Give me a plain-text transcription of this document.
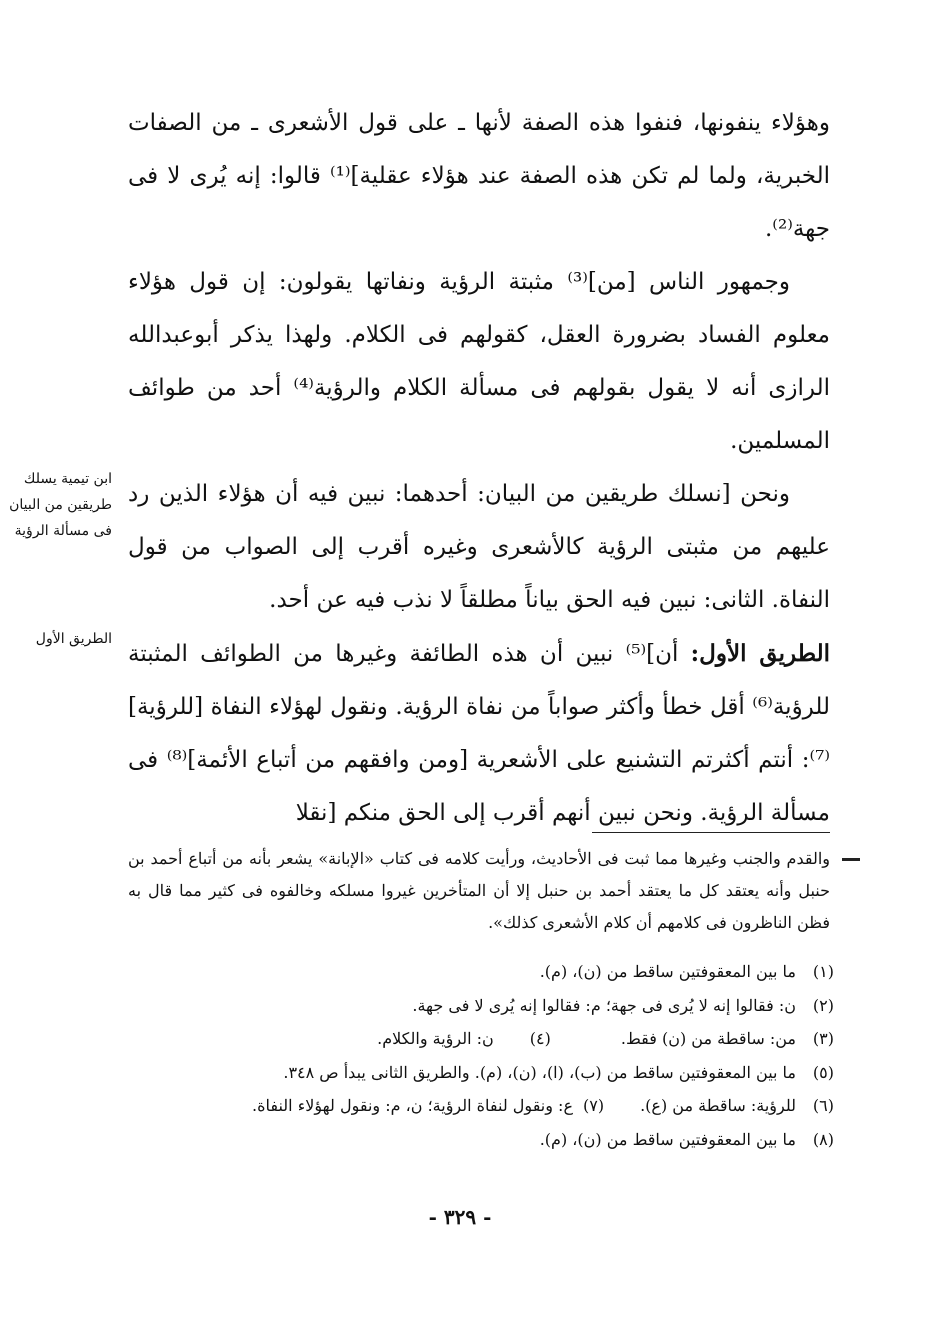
وهؤلاء ينفونها، فنفوا هذه الصفة لأنها ـ على قول الأشعرى ـ من الصفات الخبرية، ولما لم تكن هذه الصفة عند هؤلاء عقلية]⁽¹⁾ قالوا: إنه يُرى لا فى جهة⁽²⁾.

وجمهور الناس [من]⁽³⁾ مثبتة الرؤية ونفاتها يقولون: إن قول هؤلاء معلوم الفساد بضرورة العقل، كقولهم فى الكلام. ولهذا يذكر أبوعبدالله الرازى أنه لا يقول بقولهم فى مسألة الكلام والرؤية⁽⁴⁾ أحد من طوائف المسلمين.

ونحن [نسلك طريقين من البيان: أحدهما: نبين فيه أن هؤلاء الذين رد عليهم من مثبتى الرؤية كالأشعرى وغيره أقرب إلى الصواب من قول النفاة. الثانى: نبين فيه الحق بياناً مطلقاً لا نذب فيه عن أحد.

الطريق الأول: أن]⁽⁵⁾ نبين أن هذه الطائفة وغيرها من الطوائف المثبتة للرؤية⁽⁶⁾ أقل خطأ وأكثر صواباً من نفاة الرؤية. ونقول لهؤلاء النفاة [للرؤية]⁽⁷⁾: أنتم أكثرتم التشنيع على الأشعرية [ومن وافقهم من أتباع الأئمة]⁽⁸⁾ فى مسألة الرؤية. ونحن نبين أنهم أقرب إلى الحق منكم [نقلا

ابن تيمية يسلك طريقين من البيان فى مسألة الرؤية
الطريق الأول
والقدم والجنب وغيرها مما ثبت فى الأحاديث، ورأيت كلامه فى كتاب «الإبانة» يشعر بأنه من أتباع أحمد بن حنبل وأنه يعتقد كل ما يعتقد أحمد بن حنبل إلا أن المتأخرين غيروا مسلكه وخالفوه فى كثير مما قال به فظن الناظرون فى كلامهم أن كلام الأشعرى كذلك».
(١)
ما بين المعقوفتين ساقط من (ن)، (م).
(٢)
ن: فقالوا إنه لا يُرى فى جهة؛ م: فقالوا إنه يُرى لا فى جهة.
(٣)
من: ساقطة من (ن) فقط.
(٤)
ن: الرؤية والكلام.
(٥)
ما بين المعقوفتين ساقط من (ب)، (ا)، (ن)، (م). والطريق الثانى يبدأ ص ٣٤٨.
(٦)
للرؤية: ساقطة من (ع).
(٧)
ع: ونقول لنفاة الرؤية؛ ن، م: ونقول لهؤلاء النفاة.
(٨)
ما بين المعقوفتين ساقط من (ن)، (م).
- ٣٢٩ -
